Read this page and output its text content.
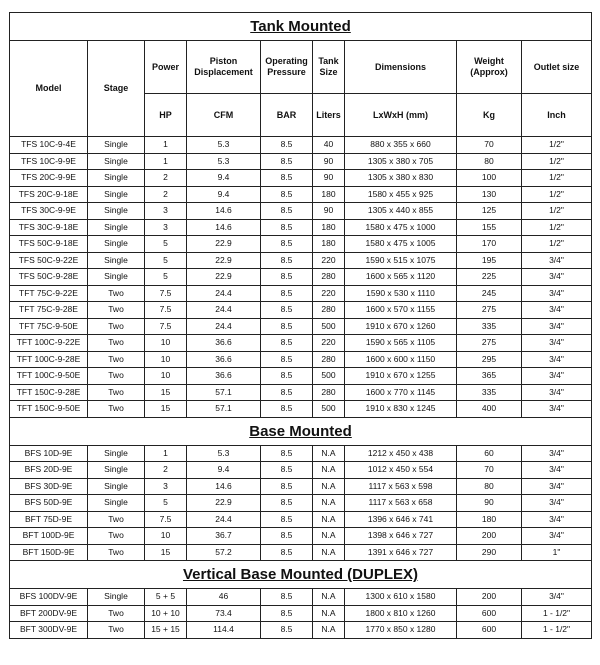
Tank Mounted								
Model	Stage	Power	Piston Displacement	Operating Pressure	Tank Size	Dimensions	Weight (Approx)	Outlet size
		HP	CFM	BAR	Liters	LxWxH (mm)	Kg	Inch
TFS 10C-9-4E	Single	1	5.3	8.5	40	880 x 355 x 660	70	1/2"
TFS 10C-9-9E	Single	1	5.3	8.5	90	1305 x 380 x 705	80	1/2"
TFS 20C-9-9E	Single	2	9.4	8.5	90	1305 x 380 x 830	100	1/2"
TFS 20C-9-18E	Single	2	9.4	8.5	180	1580 x 455 x 925	130	1/2"
TFS 30C-9-9E	Single	3	14.6	8.5	90	1305 x 440 x 855	125	1/2"
TFS 30C-9-18E	Single	3	14.6	8.5	180	1580 x 475 x 1000	155	1/2"
TFS 50C-9-18E	Single	5	22.9	8.5	180	1580 x 475 x 1005	170	1/2"
TFS 50C-9-22E	Single	5	22.9	8.5	220	1590 x 515 x 1075	195	3/4"
TFS 50C-9-28E	Single	5	22.9	8.5	280	1600 x 565 x 1120	225	3/4"
TFT 75C-9-22E	Two	7.5	24.4	8.5	220	1590 x 530 x 1110	245	3/4"
TFT 75C-9-28E	Two	7.5	24.4	8.5	280	1600 x 570 x 1155	275	3/4"
TFT 75C-9-50E	Two	7.5	24.4	8.5	500	1910 x 670 x 1260	335	3/4"
TFT 100C-9-22E	Two	10	36.6	8.5	220	1590 x 565 x 1105	275	3/4"
TFT 100C-9-28E	Two	10	36.6	8.5	280	1600 x 600 x 1150	295	3/4"
TFT 100C-9-50E	Two	10	36.6	8.5	500	1910 x 670 x 1255	365	3/4"
TFT 150C-9-28E	Two	15	57.1	8.5	280	1600 x 770 x 1145	335	3/4"
TFT 150C-9-50E	Two	15	57.1	8.5	500	1910 x 830 x 1245	400	3/4"
Base Mounted								
BFS 10D-9E	Single	1	5.3	8.5	N.A	1212 x 450 x 438	60	3/4"
BFS 20D-9E	Single	2	9.4	8.5	N.A	1012 x 450 x 554	70	3/4"
BFS 30D-9E	Single	3	14.6	8.5	N.A	1117 x 563 x 598	80	3/4"
BFS 50D-9E	Single	5	22.9	8.5	N.A	1117 x 563 x 658	90	3/4"
BFT 75D-9E	Two	7.5	24.4	8.5	N.A	1396 x 646 x 741	180	3/4"
BFT 100D-9E	Two	10	36.7	8.5	N.A	1398 x 646 x 727	200	3/4"
BFT 150D-9E	Two	15	57.2	8.5	N.A	1391 x 646 x 727	290	1"
Vertical Base Mounted (DUPLEX)								
BFS 100DV-9E	Single	5 + 5	46	8.5	N.A	1300 x 610 x 1580	200	3/4"
BFT 200DV-9E	Two	10 + 10	73.4	8.5	N.A	1800 x 810 x 1260	600	1 - 1/2"
BFT 300DV-9E	Two	15 + 15	114.4	8.5	N.A	1770 x 850 x 1280	600	1 - 1/2"
